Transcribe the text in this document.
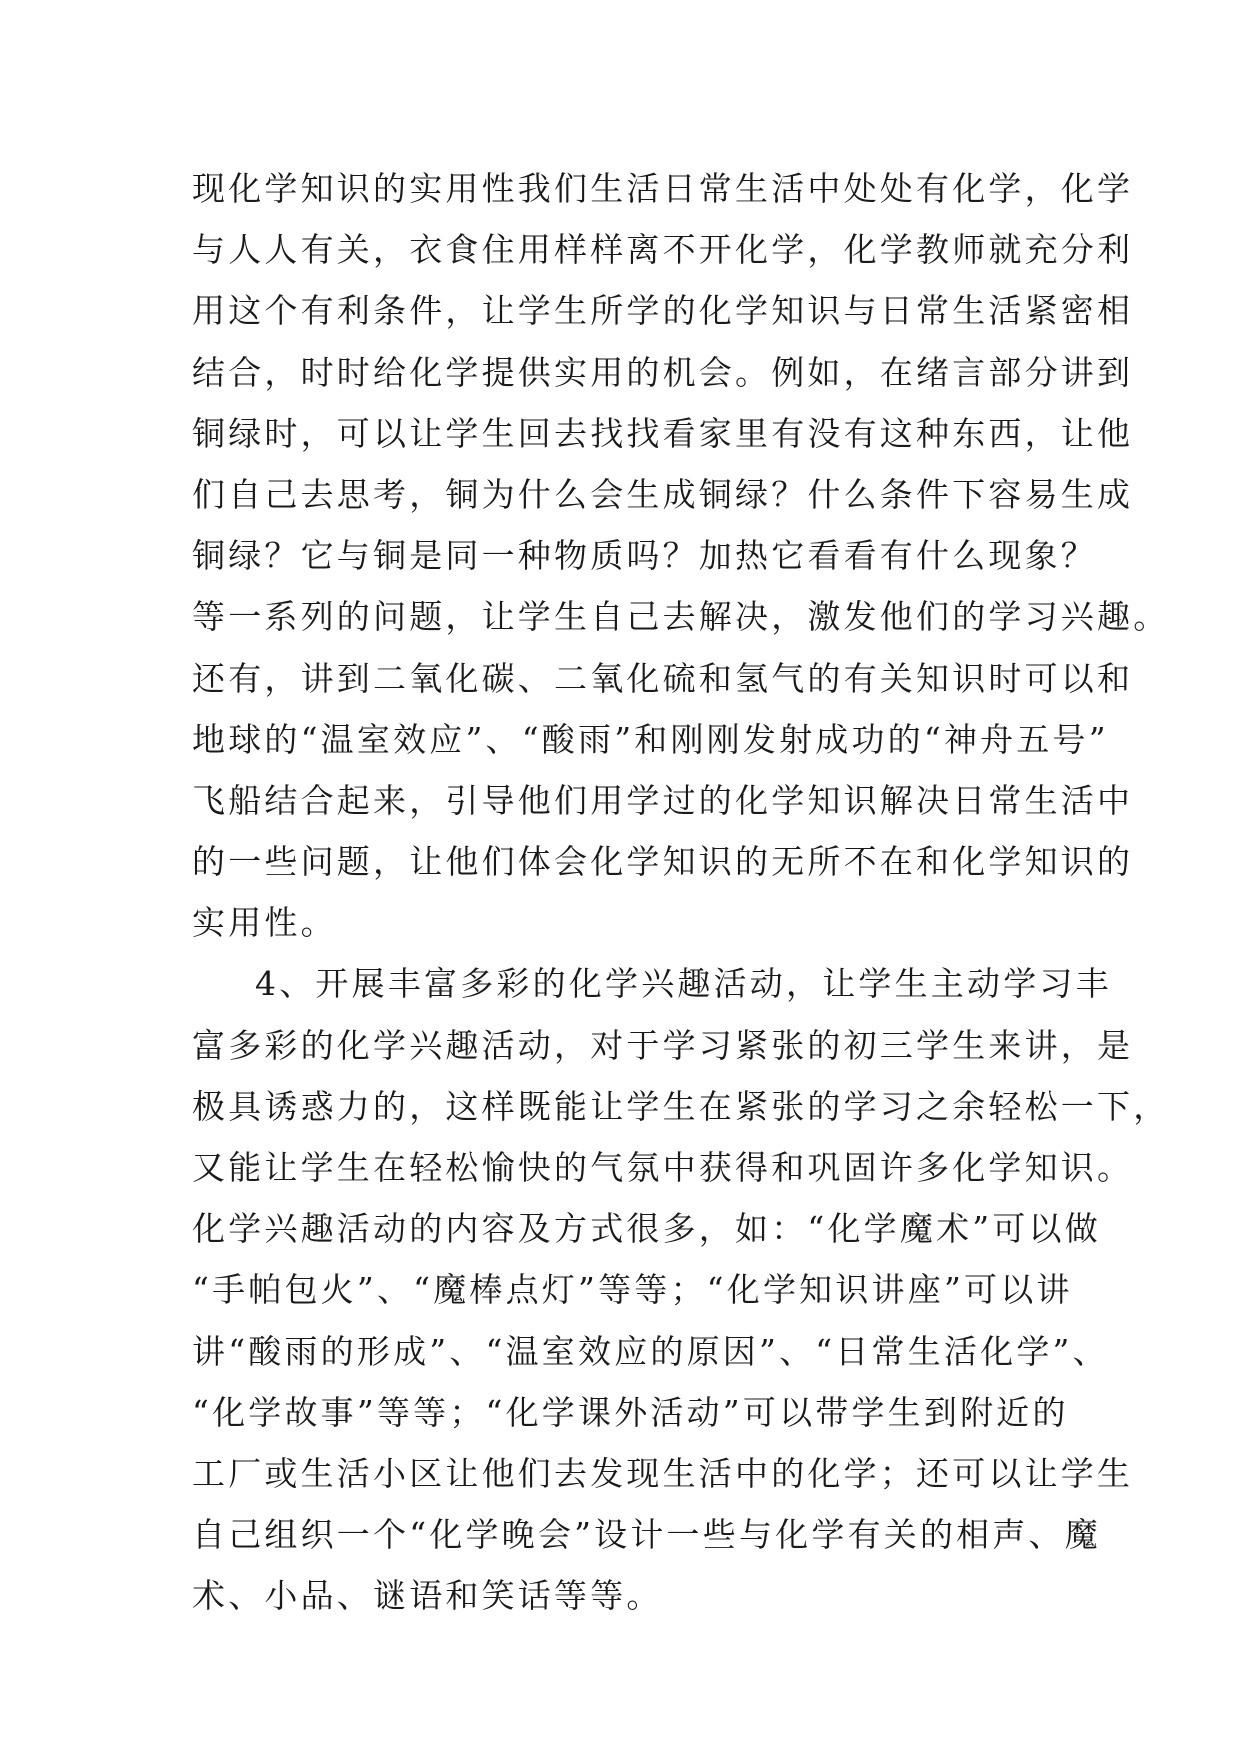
现化学知识的实用性我们生活日常生活中处处有化学，化学
与人人有关，衣食住用样样离不开化学，化学教师就充分利
用这个有利条件，让学生所学的化学知识与日常生活紧密相
结合，时时给化学提供实用的机会。例如，在绪言部分讲到
铜绿时，可以让学生回去找找看家里有没有这种东西，让他
们自己去思考，铜为什么会生成铜绿？什么条件下容易生成
铜绿？它与铜是同一种物质吗？加热它看看有什么现象？
等一系列的问题，让学生自己去解决，激发他们的学习兴趣。
还有，讲到二氧化碳、二氧化硫和氢气的有关知识时可以和
地球的“温室效应”、“酸雨”和刚刚发射成功的“神舟五号”
飞船结合起来，引导他们用学过的化学知识解决日常生活中
的一些问题，让他们体会化学知识的无所不在和化学知识的
实用性。
4、开展丰富多彩的化学兴趣活动，让学生主动学习丰
富多彩的化学兴趣活动，对于学习紧张的初三学生来讲，是
极具诱惑力的，这样既能让学生在紧张的学习之余轻松一下，
又能让学生在轻松愉快的气氛中获得和巩固许多化学知识。
化学兴趣活动的内容及方式很多，如：“化学魔术”可以做
“手帕包火”、“魔棒点灯”等等；“化学知识讲座”可以讲
讲“酸雨的形成”、“温室效应的原因”、“日常生活化学”、
“化学故事”等等；“化学课外活动”可以带学生到附近的
工厂或生活小区让他们去发现生活中的化学；还可以让学生
自己组织一个“化学晚会”设计一些与化学有关的相声、魔
术、小品、谜语和笑话等等。
